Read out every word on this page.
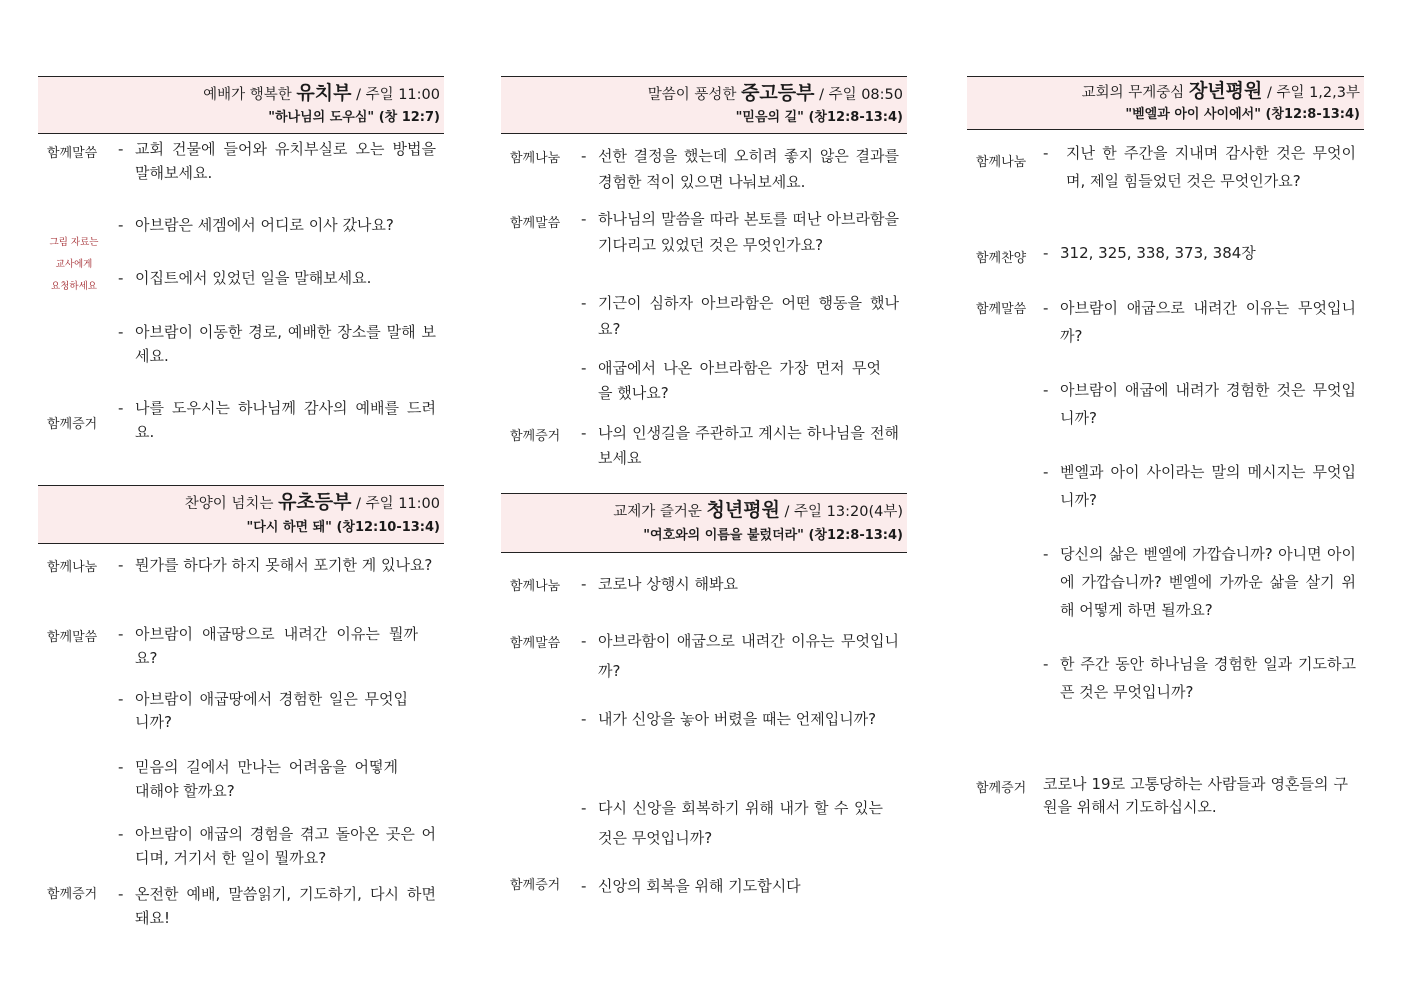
예배가 행복한 유치부 / 주일 11:00
"하나님의 도우심" (창 12:7)
함께말씀
그림 자료는
교사에게
요청하세요
함께증거
- 교회 건물에 들어와 유치부실로 오는 방법을 말해보세요.
- 아브람은 세겜에서 어디로 이사 갔나요?
- 이집트에서 있었던 일을 말해보세요.
- 아브람이 이동한 경로, 예배한 장소를 말해 보세요.
- 나를 도우시는 하나님께 감사의 예배를 드려요.
찬양이 넘치는 유초등부 / 주일 11:00
"다시 하면 돼" (창12:10-13:4)
함께나눔
함께말씀
함께증거
- 뭔가를 하다가 하지 못해서 포기한 게 있나요?
- 아브람이 애굽땅으로 내려간 이유는 뭘까요?
- 아브람이 애굽땅에서 경험한 일은 무엇입니까?
- 믿음의 길에서 만나는 어려움을 어떻게 대해야 할까요?
- 아브람이 애굽의 경험을 겪고 돌아온 곳은 어디며, 거기서 한 일이 뭘까요?
- 온전한 예배, 말씀읽기, 기도하기, 다시 하면 돼요!
말씀이 풍성한 중고등부 / 주일 08:50
"믿음의 길" (창12:8-13:4)
함께나눔
함께말씀
함께증거
- 선한 결정을 했는데 오히려 좋지 않은 결과를 경험한 적이 있으면 나눠보세요.
- 하나님의 말씀을 따라 본토를 떠난 아브라함을 기다리고 있었던 것은 무엇인가요?
- 기근이 심하자 아브라함은 어떤 행동을 했나요?
- 애굽에서 나온 아브라함은 가장 먼저 무엇을 했나요?
- 나의 인생길을 주관하고 계시는 하나님을 전해보세요
교제가 즐거운 청년평원 / 주일 13:20(4부)
"여호와의 이름을 불렀더라" (창12:8-13:4)
함께나눔
함께말씀
함께증거
- 코로나 상행시 해봐요
- 아브라함이 애굽으로 내려간 이유는 무엇입니까?
- 내가 신앙을 놓아 버렸을 때는 언제입니까?
- 다시 신앙을 회복하기 위해 내가 할 수 있는 것은 무엇입니까?
- 신앙의 회복을 위해 기도합시다
교회의 무게중심 장년평원 / 주일 1,2,3부
"벧엘과 아이 사이에서" (창12:8-13:4)
함께나눔
함께찬양
함께말씀
함께증거
- 지난 한 주간을 지내며 감사한 것은 무엇이며, 제일 힘들었던 것은 무엇인가요?
- 312, 325, 338, 373, 384장
- 아브람이 애굽으로 내려간 이유는 무엇입니까?
- 아브람이 애굽에 내려가 경험한 것은 무엇입니까?
- 벧엘과 아이 사이라는 말의 메시지는 무엇입니까?
- 당신의 삶은 벧엘에 가깝습니까? 아니면 아이에 가깝습니까? 벧엘에 가까운 삶을 살기 위해 어떻게 하면 될까요?
- 한 주간 동안 하나님을 경험한 일과 기도하고픈 것은 무엇입니까?
코로나 19로 고통당하는 사람들과 영혼들의 구원을 위해서 기도하십시오.
